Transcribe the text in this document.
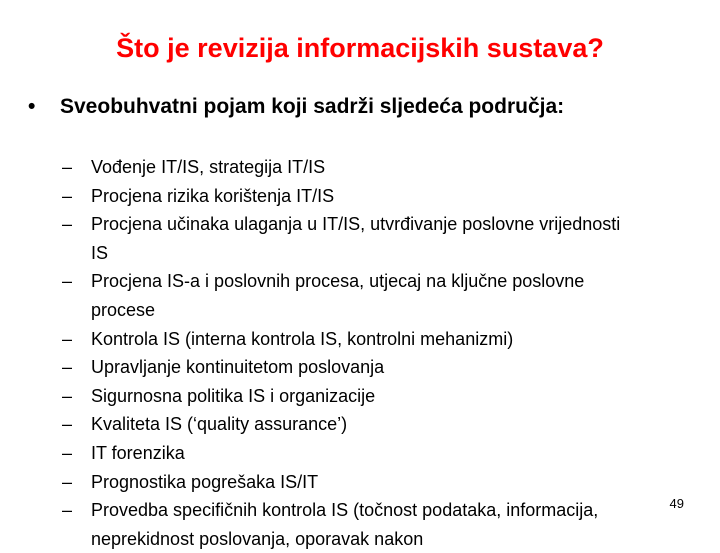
Što je revizija informacijskih sustava?
• Sveobuhvatni pojam koji sadrži sljedeća područja:
– Vođenje IT/IS, strategija IT/IS
– Procjena rizika korištenja IT/IS
– Procjena učinaka ulaganja u IT/IS, utvrđivanje poslovne vrijednosti IS
– Procjena IS-a i poslovnih procesa, utjecaj na ključne poslovne procese
– Kontrola IS (interna kontrola IS, kontrolni mehanizmi)
– Upravljanje kontinuitetom poslovanja
– Sigurnosna politika IS i organizacije
– Kvaliteta IS (‘quality assurance’)
– IT forenzika
– Prognostika pogrešaka IS/IT
– Provedba specifičnih kontrola IS (točnost podataka, informacija, neprekidnost poslovanja, oporavak nakon
49
